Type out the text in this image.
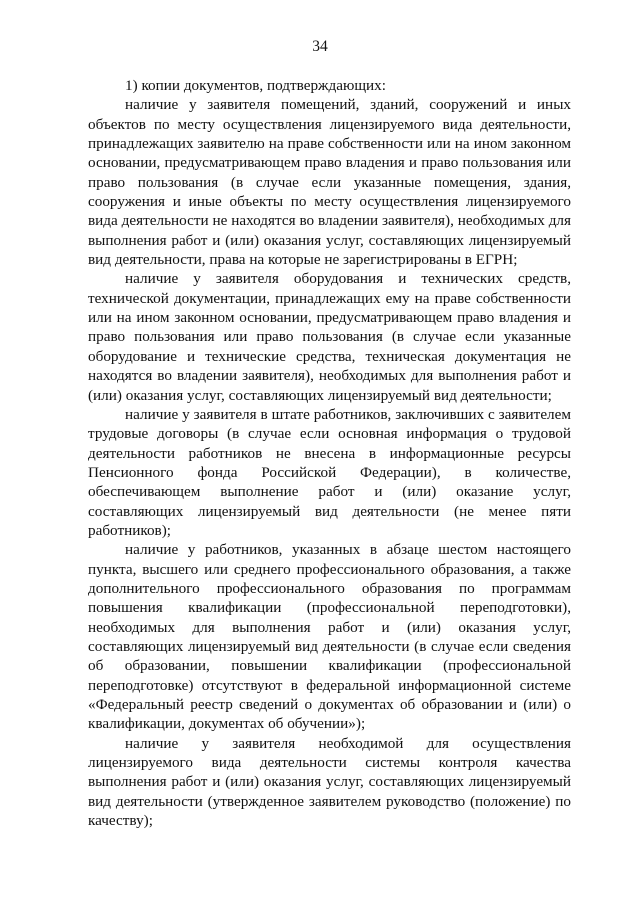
34

1) копии документов, подтверждающих:

наличие у заявителя помещений, зданий, сооружений и иных объектов по месту осуществления лицензируемого вида деятельности, принадлежащих заявителю на праве собственности или на ином законном основании, предусматривающем право владения и право пользования или право пользования (в случае если указанные помещения, здания, сооружения и иные объекты по месту осуществления лицензируемого вида деятельности не находятся во владении заявителя), необходимых для выполнения работ и (или) оказания услуг, составляющих лицензируемый вид деятельности, права на которые не зарегистрированы в ЕГРН;

наличие у заявителя оборудования и технических средств, технической документации, принадлежащих ему на праве собственности или на ином законном основании, предусматривающем право владения и право пользования или право пользования (в случае если указанные оборудование и технические средства, техническая документация не находятся во владении заявителя), необходимых для выполнения работ и (или) оказания услуг, составляющих лицензируемый вид деятельности;

наличие у заявителя в штате работников, заключивших с заявителем трудовые договоры (в случае если основная информация о трудовой деятельности работников не внесена в информационные ресурсы Пенсионного фонда Российской Федерации), в количестве, обеспечивающем выполнение работ и (или) оказание услуг, составляющих лицензируемый вид деятельности (не менее пяти работников);

наличие у работников, указанных в абзаце шестом настоящего пункта, высшего или среднего профессионального образования, а также дополнительного профессионального образования по программам повышения квалификации (профессиональной переподготовки), необходимых для выполнения работ и (или) оказания услуг, составляющих лицензируемый вид деятельности (в случае если сведения об образовании, повышении квалификации (профессиональной переподготовке) отсутствуют в федеральной информационной системе «Федеральный реестр сведений о документах об образовании и (или) о квалификации, документах об обучении»);

наличие у заявителя необходимой для осуществления лицензируемого вида деятельности системы контроля качества выполнения работ и (или) оказания услуг, составляющих лицензируемый вид деятельности (утвержденное заявителем руководство (положение) по качеству);
